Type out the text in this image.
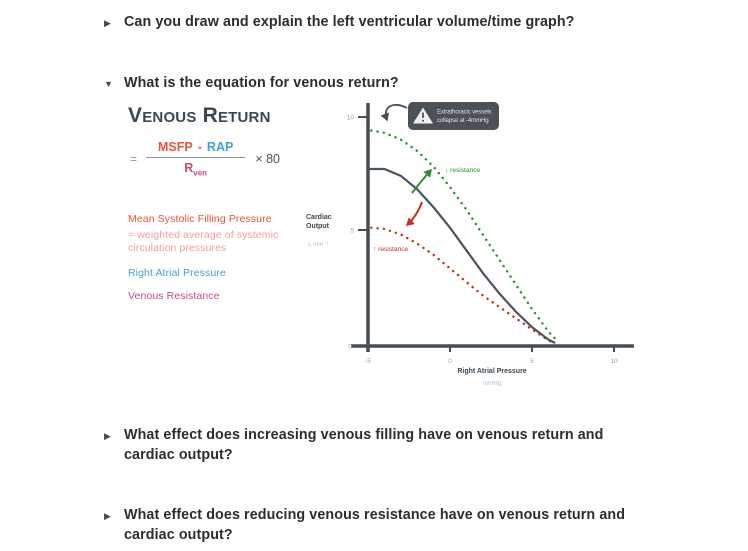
▶ Can you draw and explain the left ventricular volume/time graph?
▼ What is the equation for venous return?
Venous Return
= $\frac{\text{MSFP - RAP}}{R_{ven}} \times 80$
Mean Systolic Filling Pressure
= weighted average of systemic circulation pressures
Right Atrial Pressure
Venous Resistance
10
5
0
-5	0	5	10
↓ resistance
↑ resistance
Extrathoracic vessels
collapse at -4mmHg
Cardiac
Output
L min⁻¹
Right Atrial Pressure
mmHg
▶ What effect does increasing venous filling have on venous return and cardiac output?
▶ What effect does reducing venous resistance have on venous return and cardiac output?
